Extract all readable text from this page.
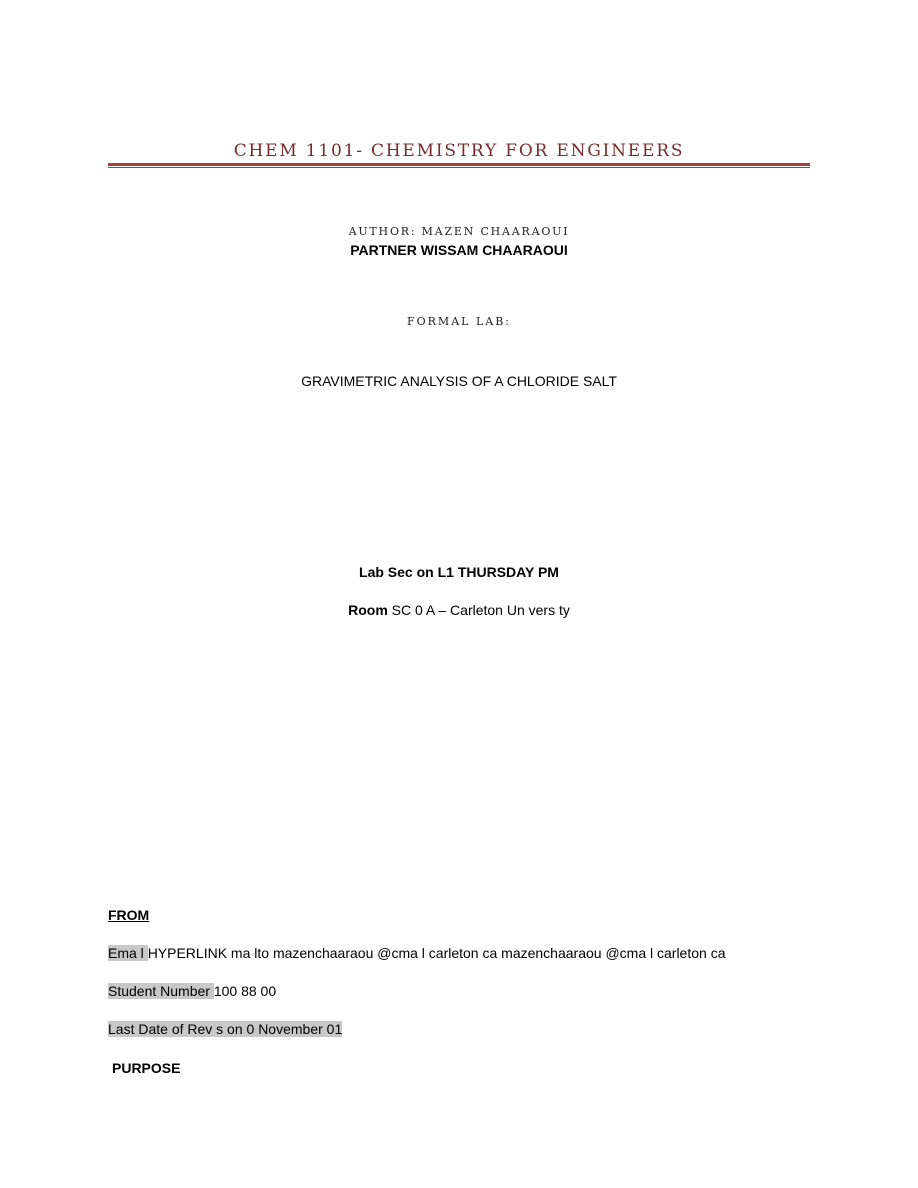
CHEM 1101- CHEMISTRY FOR ENGINEERS
AUTHOR: MAZEN CHAARAOUI
PARTNER WISSAM CHAARAOUI
FORMAL LAB:
GRAVIMETRIC ANALYSIS OF A CHLORIDE SALT
Lab Sec on L1 THURSDAY PM
Room SC 0 A – Carleton Un vers ty
FROM
Ema l HYPERLINK ma lto mazenchaaraou @cma l carleton ca mazenchaaraou @cma l carleton ca
Student Number 100 88 00
Last Date of Rev s on 0 November 01
PURPOSE
